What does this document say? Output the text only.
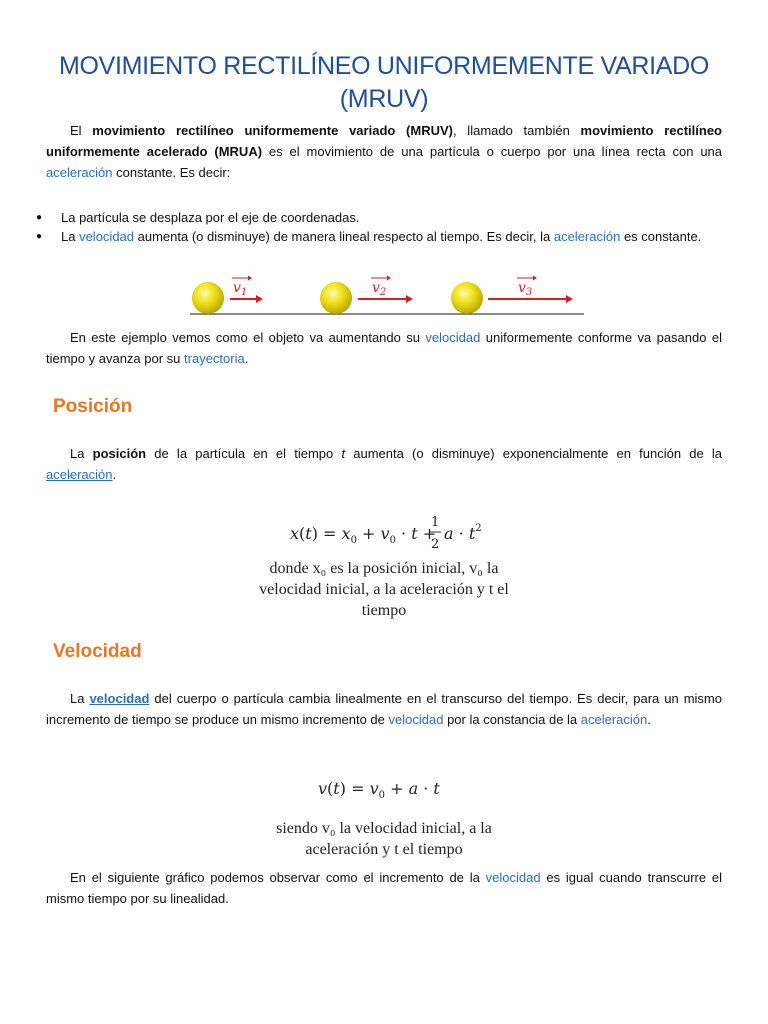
MOVIMIENTO RECTILÍNEO UNIFORMEMENTE VARIADO (MRUV)
El movimiento rectilíneo uniformemente variado (MRUV), llamado también movimiento rectilíneo uniformemente acelerado (MRUA) es el movimiento de una partícula o cuerpo por una línea recta con una aceleración constante. Es decir:
● La partícula se desplaza por el eje de coordenadas.
● La velocidad aumenta (o disminuye) de manera lineal respecto al tiempo. Es decir, la aceleración es constante.
$v_1$	$v_2$	$v_3$
En este ejemplo vemos como el objeto va aumentando su velocidad uniformemente conforme va pasando el tiempo y avanza por su trayectoria.
Posición
La posición de la partícula en el tiempo t aumenta (o disminuye) exponencialmente en función de la aceleración.
$x(t) = x_0 + v_0 \cdot t$ +
1
2
$a \cdot t^2$
donde x₀ es la posición inicial, v₀ la
velocidad inicial, a la aceleración y t el
tiempo
Velocidad
La velocidad del cuerpo o partícula cambia linealmente en el transcurso del tiempo. Es decir, para un mismo incremento de tiempo se produce un mismo incremento de velocidad por la constancia de la aceleración.
$v(t) = v_0 + a \cdot t$
siendo v₀ la velocidad inicial, a la
aceleración y t el tiempo
En el siguiente gráfico podemos observar como el incremento de la velocidad es igual cuando transcurre el mismo tiempo por su linealidad.
